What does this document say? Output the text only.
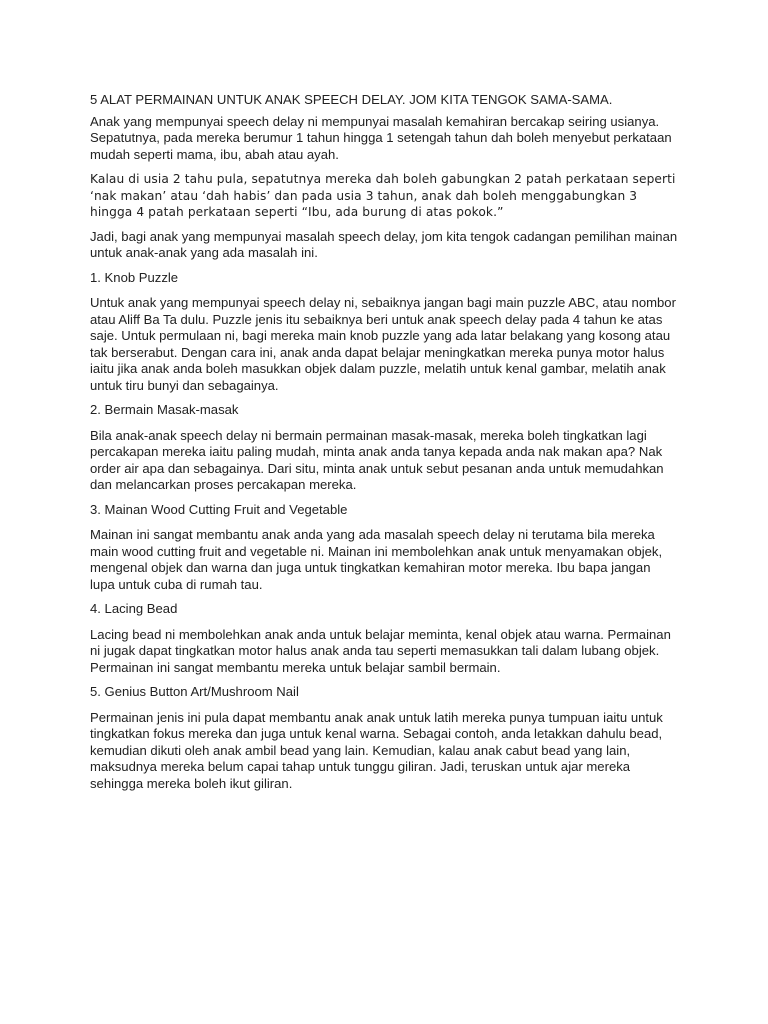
5 ALAT PERMAINAN UNTUK ANAK SPEECH DELAY. JOM KITA TENGOK SAMA-SAMA.

Anak yang mempunyai speech delay ni mempunyai masalah kemahiran bercakap seiring usianya. Sepatutnya, pada mereka berumur 1 tahun hingga 1 setengah tahun dah boleh menyebut perkataan mudah seperti mama, ibu, abah atau ayah.

Kalau di usia 2 tahu pula, sepatutnya mereka dah boleh gabungkan 2 patah perkataan seperti ‘nak makan’ atau ‘dah habis’ dan pada usia 3 tahun, anak dah boleh menggabungkan 3 hingga 4 patah perkataan seperti “Ibu, ada burung di atas pokok.”

Jadi, bagi anak yang mempunyai masalah speech delay, jom kita tengok cadangan pemilihan mainan untuk anak-anak yang ada masalah ini.

1. Knob Puzzle

Untuk anak yang mempunyai speech delay ni, sebaiknya jangan bagi main puzzle ABC, atau nombor atau Aliff Ba Ta dulu. Puzzle jenis itu sebaiknya beri untuk anak speech delay pada 4 tahun ke atas saje. Untuk permulaan ni, bagi mereka main knob puzzle yang ada latar belakang yang kosong atau tak berserabut. Dengan cara ini, anak anda dapat belajar meningkatkan mereka punya motor halus iaitu jika anak anda boleh masukkan objek dalam puzzle, melatih untuk kenal gambar, melatih anak untuk tiru bunyi dan sebagainya.

2. Bermain Masak-masak

Bila anak-anak speech delay ni bermain permainan masak-masak, mereka boleh tingkatkan lagi percakapan mereka iaitu paling mudah, minta anak anda tanya kepada anda nak makan apa? Nak order air apa dan sebagainya. Dari situ, minta anak untuk sebut pesanan anda untuk memudahkan dan melancarkan proses percakapan mereka.

3. Mainan Wood Cutting Fruit and Vegetable

Mainan ini sangat membantu anak anda yang ada masalah speech delay ni terutama bila mereka main wood cutting fruit and vegetable ni. Mainan ini membolehkan anak untuk menyamakan objek, mengenal objek dan warna dan juga untuk tingkatkan kemahiran motor mereka. Ibu bapa jangan lupa untuk cuba di rumah tau.

4. Lacing Bead

Lacing bead ni membolehkan anak anda untuk belajar meminta, kenal objek atau warna. Permainan ni jugak dapat tingkatkan motor halus anak anda tau seperti memasukkan tali dalam lubang objek. Permainan ini sangat membantu mereka untuk belajar sambil bermain.

5. Genius Button Art/Mushroom Nail

Permainan jenis ini pula dapat membantu anak anak untuk latih mereka punya tumpuan iaitu untuk tingkatkan fokus mereka dan juga untuk kenal warna. Sebagai contoh, anda letakkan dahulu bead, kemudian dikuti oleh anak ambil bead yang lain. Kemudian, kalau anak cabut bead yang lain, maksudnya mereka belum capai tahap untuk tunggu giliran. Jadi, teruskan untuk ajar mereka sehingga mereka boleh ikut giliran.
